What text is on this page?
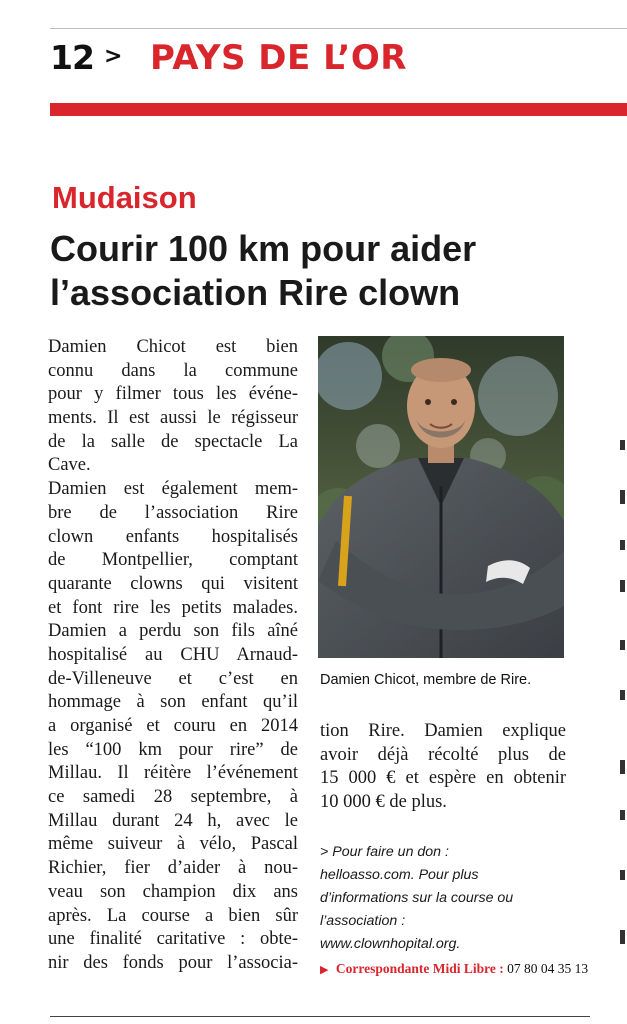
12 > PAYS DE L’OR
Mudaison
Courir 100 km pour aider
l’association Rire clown
Damien Chicot est bien
connu dans la commune
pour y filmer tous les événe-
ments. Il est aussi le régisseur
de la salle de spectacle La
Cave.
Damien est également mem-
bre de l’association Rire
clown enfants hospitalisés
de Montpellier, comptant
quarante clowns qui visitent
et font rire les petits malades.
Damien a perdu son fils aîné
hospitalisé au CHU Arnaud-
de-Villeneuve et c’est en
hommage à son enfant qu’il
a organisé et couru en 2014
les “100 km pour rire” de
Millau. Il réitère l’événement
ce samedi 28 septembre, à
Millau durant 24 h, avec le
même suiveur à vélo, Pascal
Richier, fier d’aider à nou-
veau son champion dix ans
après. La course a bien sûr
une finalité caritative : obte-
nir des fonds pour l’associa-
Damien Chicot, membre de Rire.
tion Rire. Damien explique
avoir déjà récolté plus de
15 000 € et espère en obtenir
10 000 € de plus.
> Pour faire un don :
helloasso.com. Pour plus
d’informations sur la course ou
l’association :
www.clownhopital.org.
▶ Correspondante Midi Libre : 07 80 04 35 13
